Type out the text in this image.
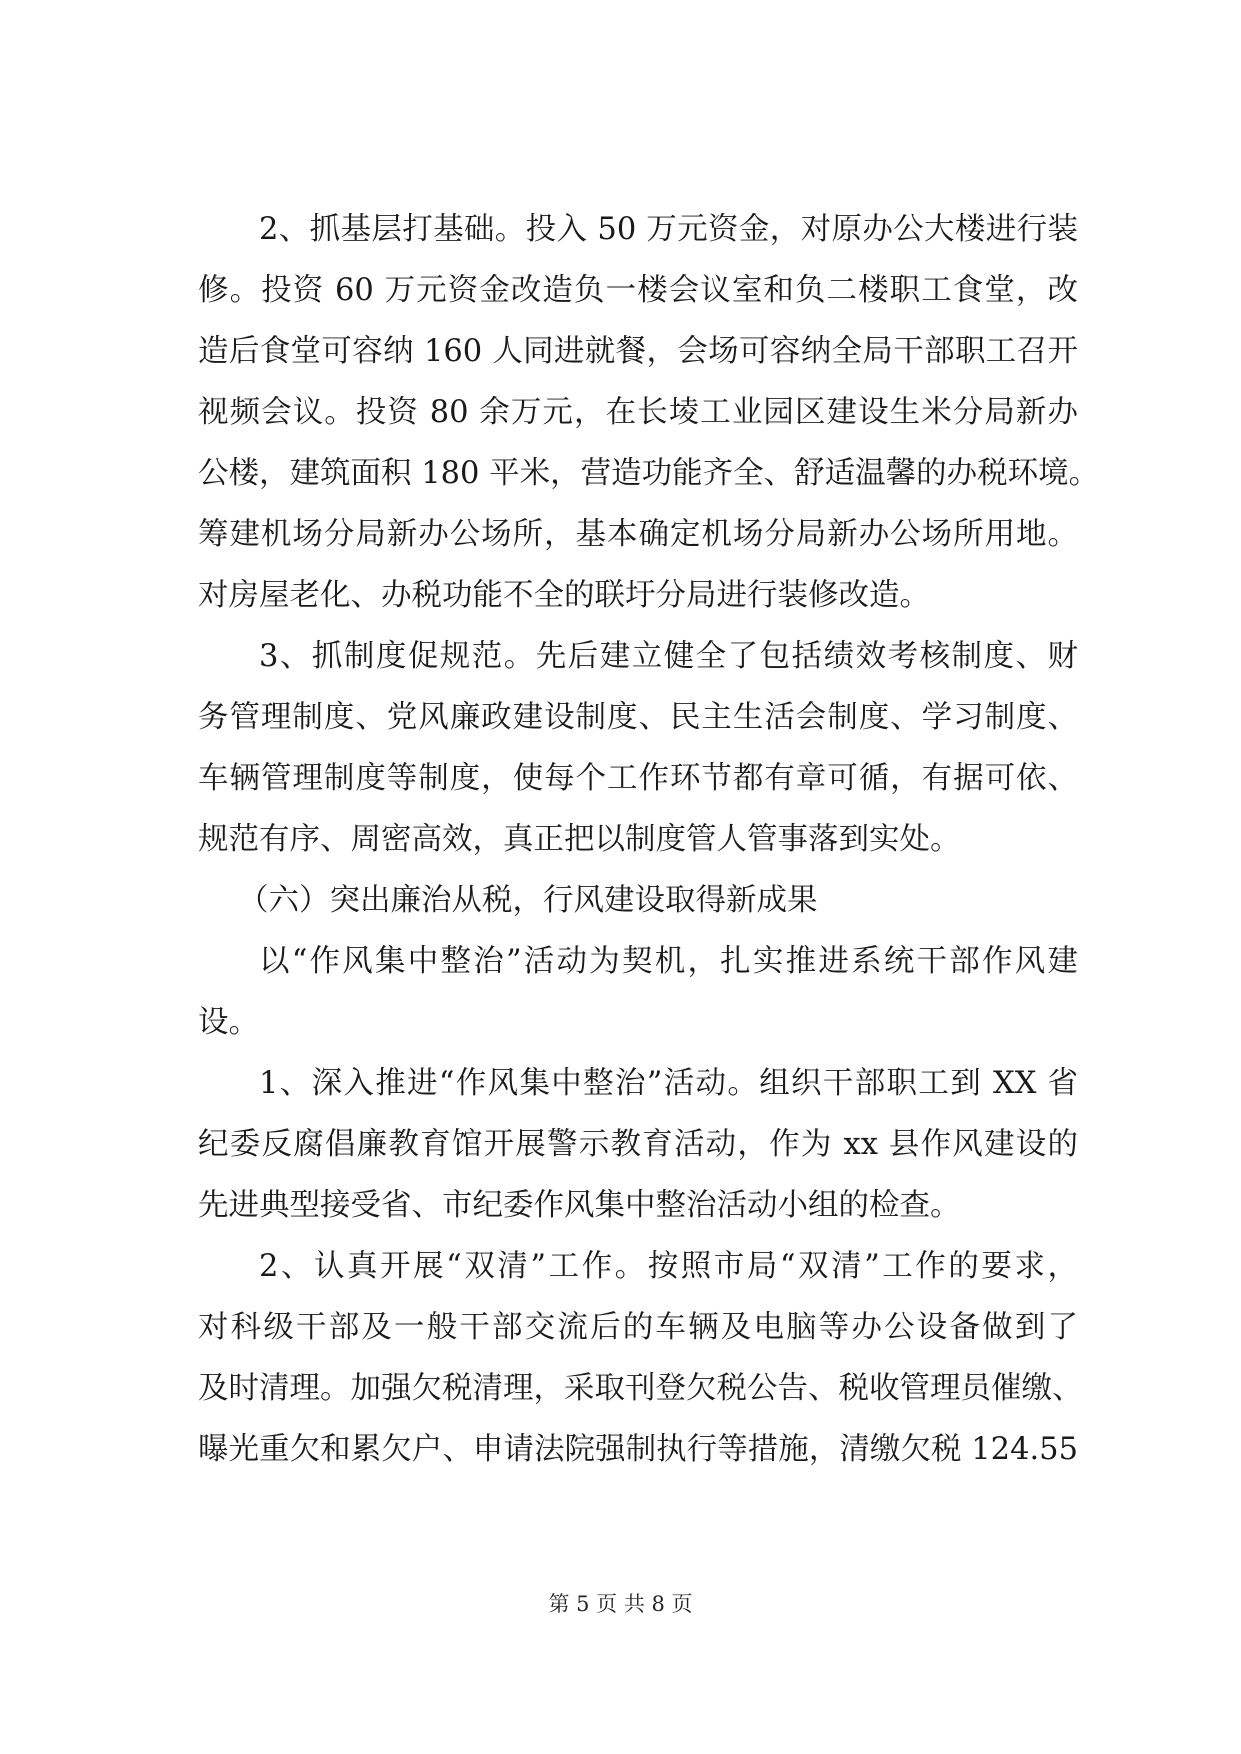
2、抓基层打基础。投入 50 万元资金，对原办公大楼进行装
修。投资 60 万元资金改造负一楼会议室和负二楼职工食堂，改
造后食堂可容纳 160 人同进就餐，会场可容纳全局干部职工召开
视频会议。投资 80 余万元，在长堎工业园区建设生米分局新办
公楼，建筑面积 180 平米，营造功能齐全、舒适温馨的办税环境。
筹建机场分局新办公场所，基本确定机场分局新办公场所用地。
对房屋老化、办税功能不全的联圩分局进行装修改造。
3、抓制度促规范。先后建立健全了包括绩效考核制度、财
务管理制度、党风廉政建设制度、民主生活会制度、学习制度、
车辆管理制度等制度，使每个工作环节都有章可循，有据可依、
规范有序、周密高效，真正把以制度管人管事落到实处。
（六）突出廉治从税，行风建设取得新成果
以“作风集中整治”活动为契机，扎实推进系统干部作风建
设。
1、深入推进“作风集中整治”活动。组织干部职工到 XX 省
纪委反腐倡廉教育馆开展警示教育活动，作为 xx 县作风建设的
先进典型接受省、市纪委作风集中整治活动小组的检查。
2、认真开展“双清”工作。按照市局“双清”工作的要求，
对科级干部及一般干部交流后的车辆及电脑等办公设备做到了
及时清理。加强欠税清理，采取刊登欠税公告、税收管理员催缴、
曝光重欠和累欠户、申请法院强制执行等措施，清缴欠税 124.55
第 5 页 共 8 页
